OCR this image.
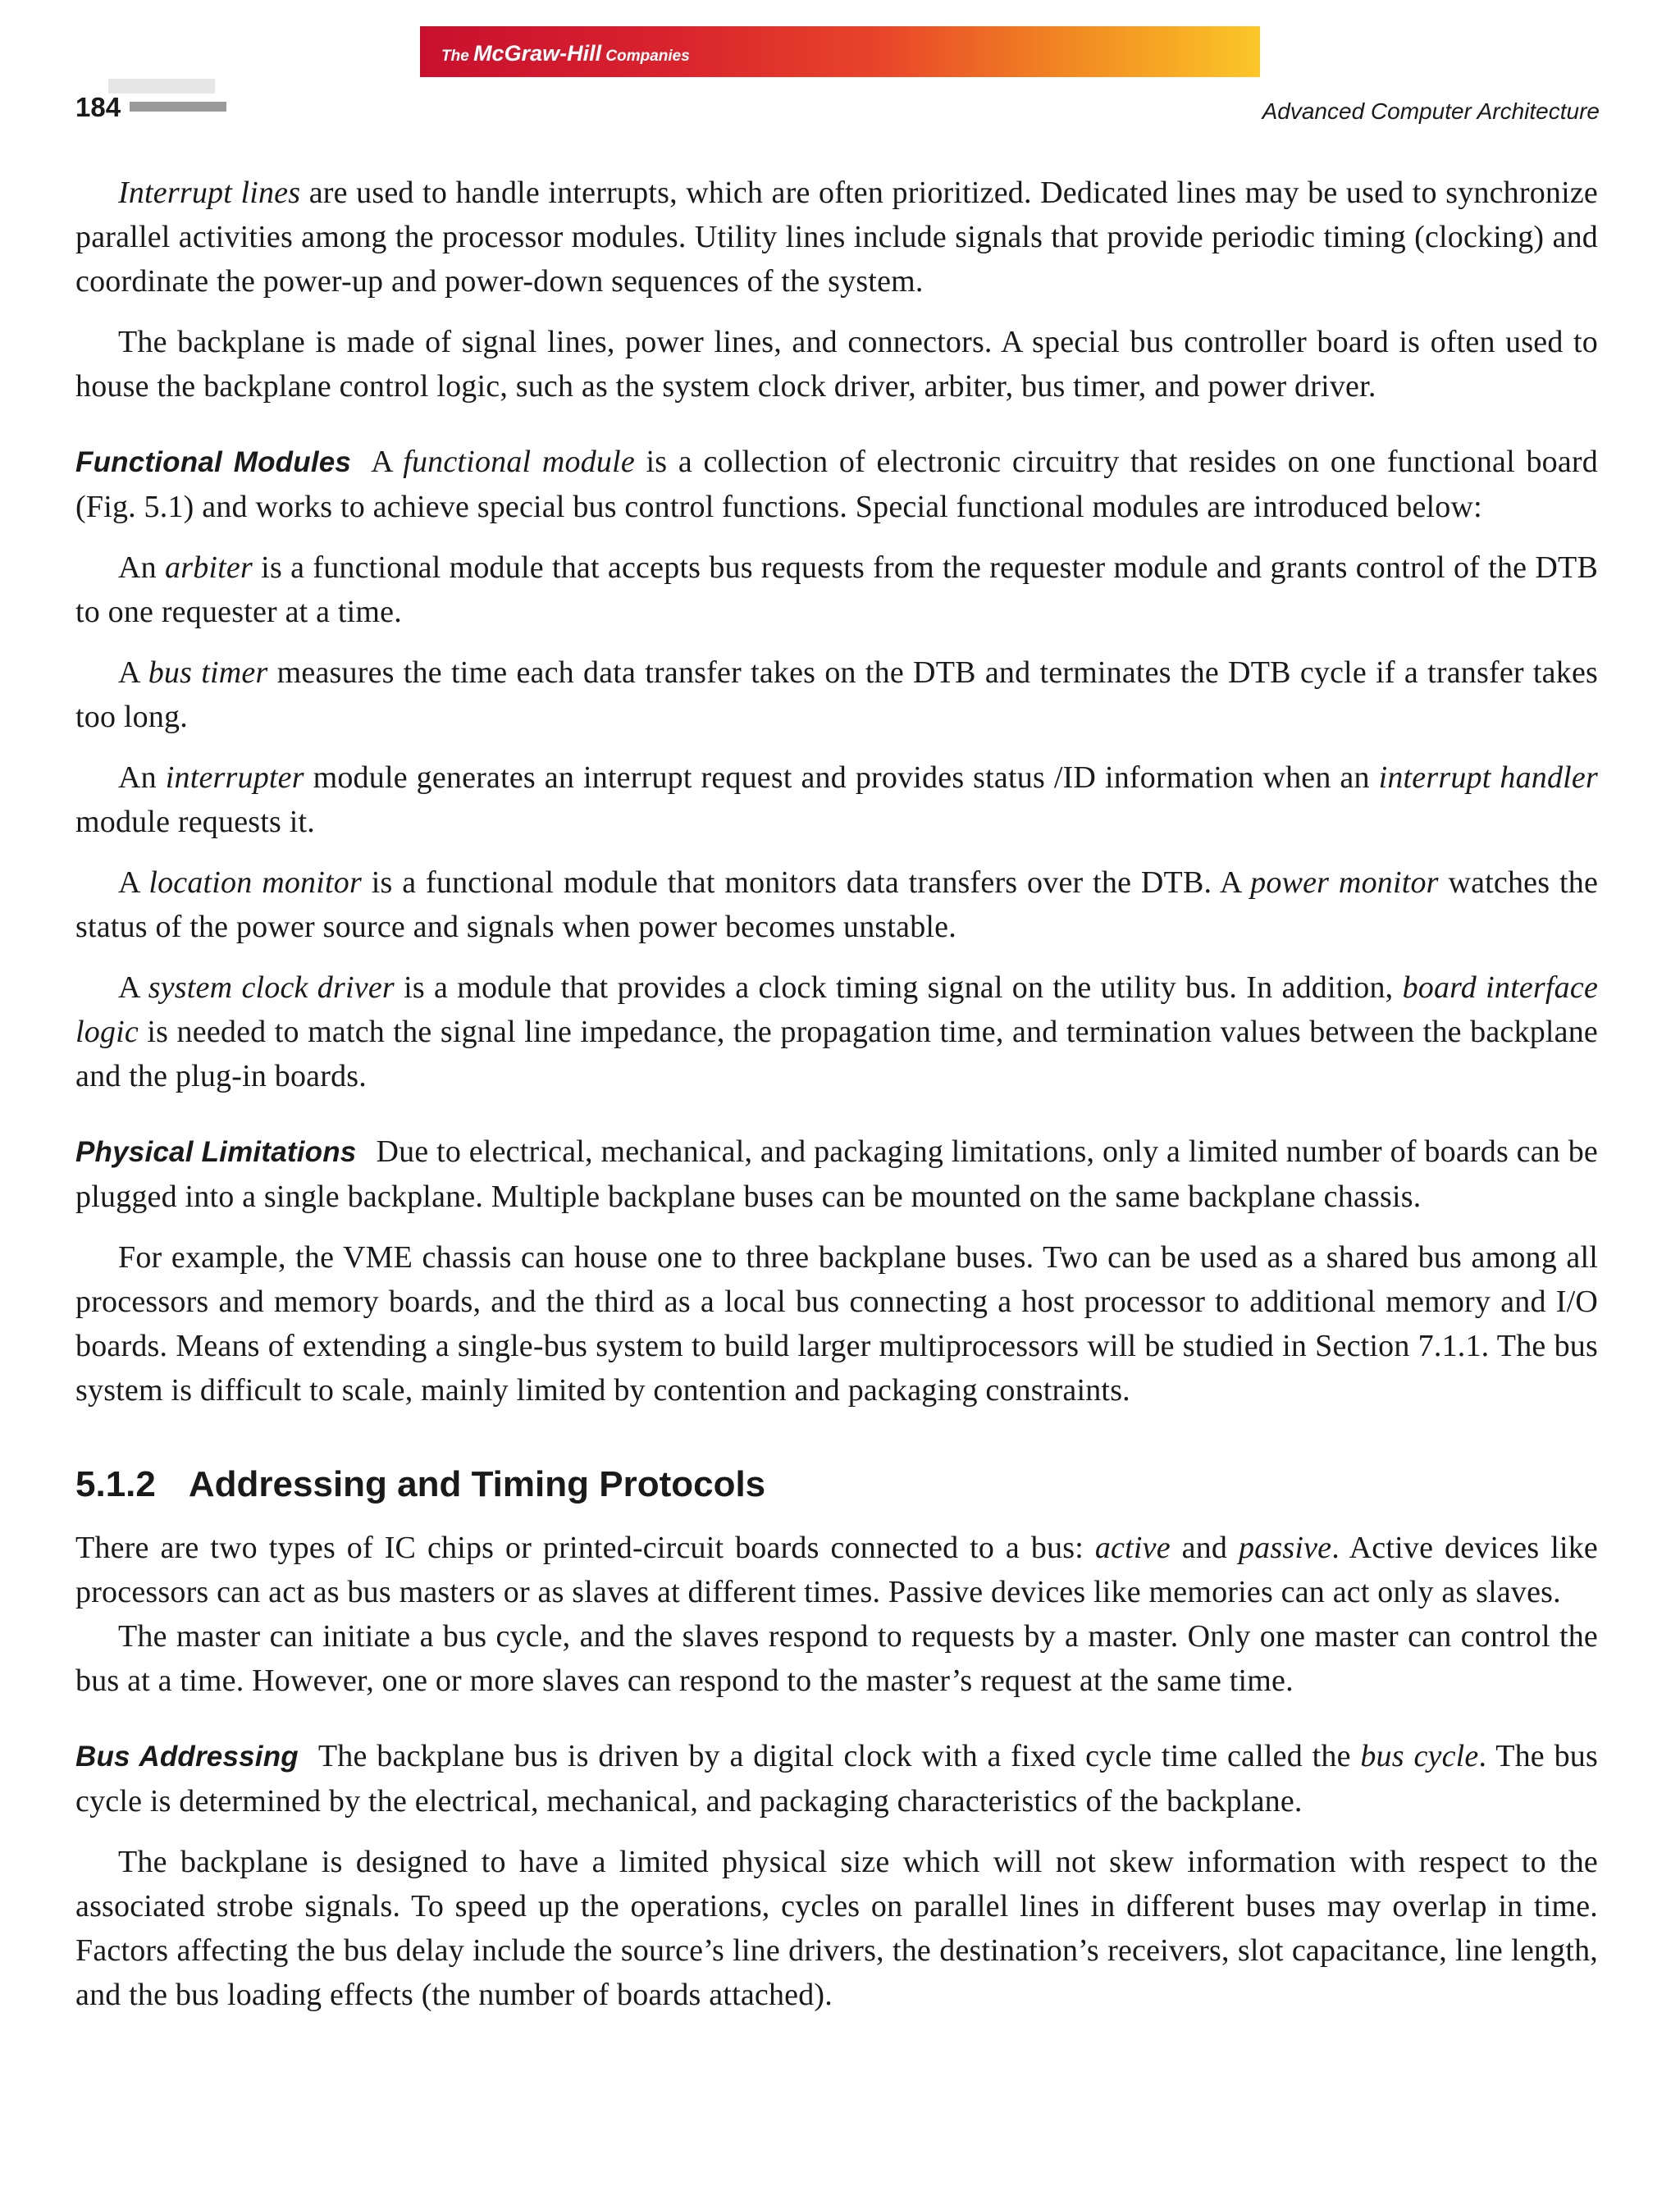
The McGraw-Hill Companies
184	Advanced Computer Architecture

Interrupt lines are used to handle interrupts, which are often prioritized. Dedicated lines may be used to synchronize parallel activities among the processor modules. Utility lines include signals that provide periodic timing (clocking) and coordinate the power-up and power-down sequences of the system.

The backplane is made of signal lines, power lines, and connectors. A special bus controller board is often used to house the backplane control logic, such as the system clock driver, arbiter, bus timer, and power driver.

Functional Modules A functional module is a collection of electronic circuitry that resides on one functional board (Fig. 5.1) and works to achieve special bus control functions. Special functional modules are introduced below:

An arbiter is a functional module that accepts bus requests from the requester module and grants control of the DTB to one requester at a time.

A bus timer measures the time each data transfer takes on the DTB and terminates the DTB cycle if a transfer takes too long.

An interrupter module generates an interrupt request and provides status /ID information when an interrupt handler module requests it.

A location monitor is a functional module that monitors data transfers over the DTB. A power monitor watches the status of the power source and signals when power becomes unstable.

A system clock driver is a module that provides a clock timing signal on the utility bus. In addition, board interface logic is needed to match the signal line impedance, the propagation time, and termination values between the backplane and the plug-in boards.

Physical Limitations Due to electrical, mechanical, and packaging limitations, only a limited number of boards can be plugged into a single backplane. Multiple backplane buses can be mounted on the same backplane chassis.

For example, the VME chassis can house one to three backplane buses. Two can be used as a shared bus among all processors and memory boards, and the third as a local bus connecting a host processor to additional memory and I/O boards. Means of extending a single-bus system to build larger multiprocessors will be studied in Section 7.1.1. The bus system is difficult to scale, mainly limited by contention and packaging constraints.

5.1.2 Addressing and Timing Protocols

There are two types of IC chips or printed-circuit boards connected to a bus: active and passive. Active devices like processors can act as bus masters or as slaves at different times. Passive devices like memories can act only as slaves.

The master can initiate a bus cycle, and the slaves respond to requests by a master. Only one master can control the bus at a time. However, one or more slaves can respond to the master’s request at the same time.

Bus Addressing The backplane bus is driven by a digital clock with a fixed cycle time called the bus cycle. The bus cycle is determined by the electrical, mechanical, and packaging characteristics of the backplane.

The backplane is designed to have a limited physical size which will not skew information with respect to the associated strobe signals. To speed up the operations, cycles on parallel lines in different buses may overlap in time. Factors affecting the bus delay include the source’s line drivers, the destination’s receivers, slot capacitance, line length, and the bus loading effects (the number of boards attached).
